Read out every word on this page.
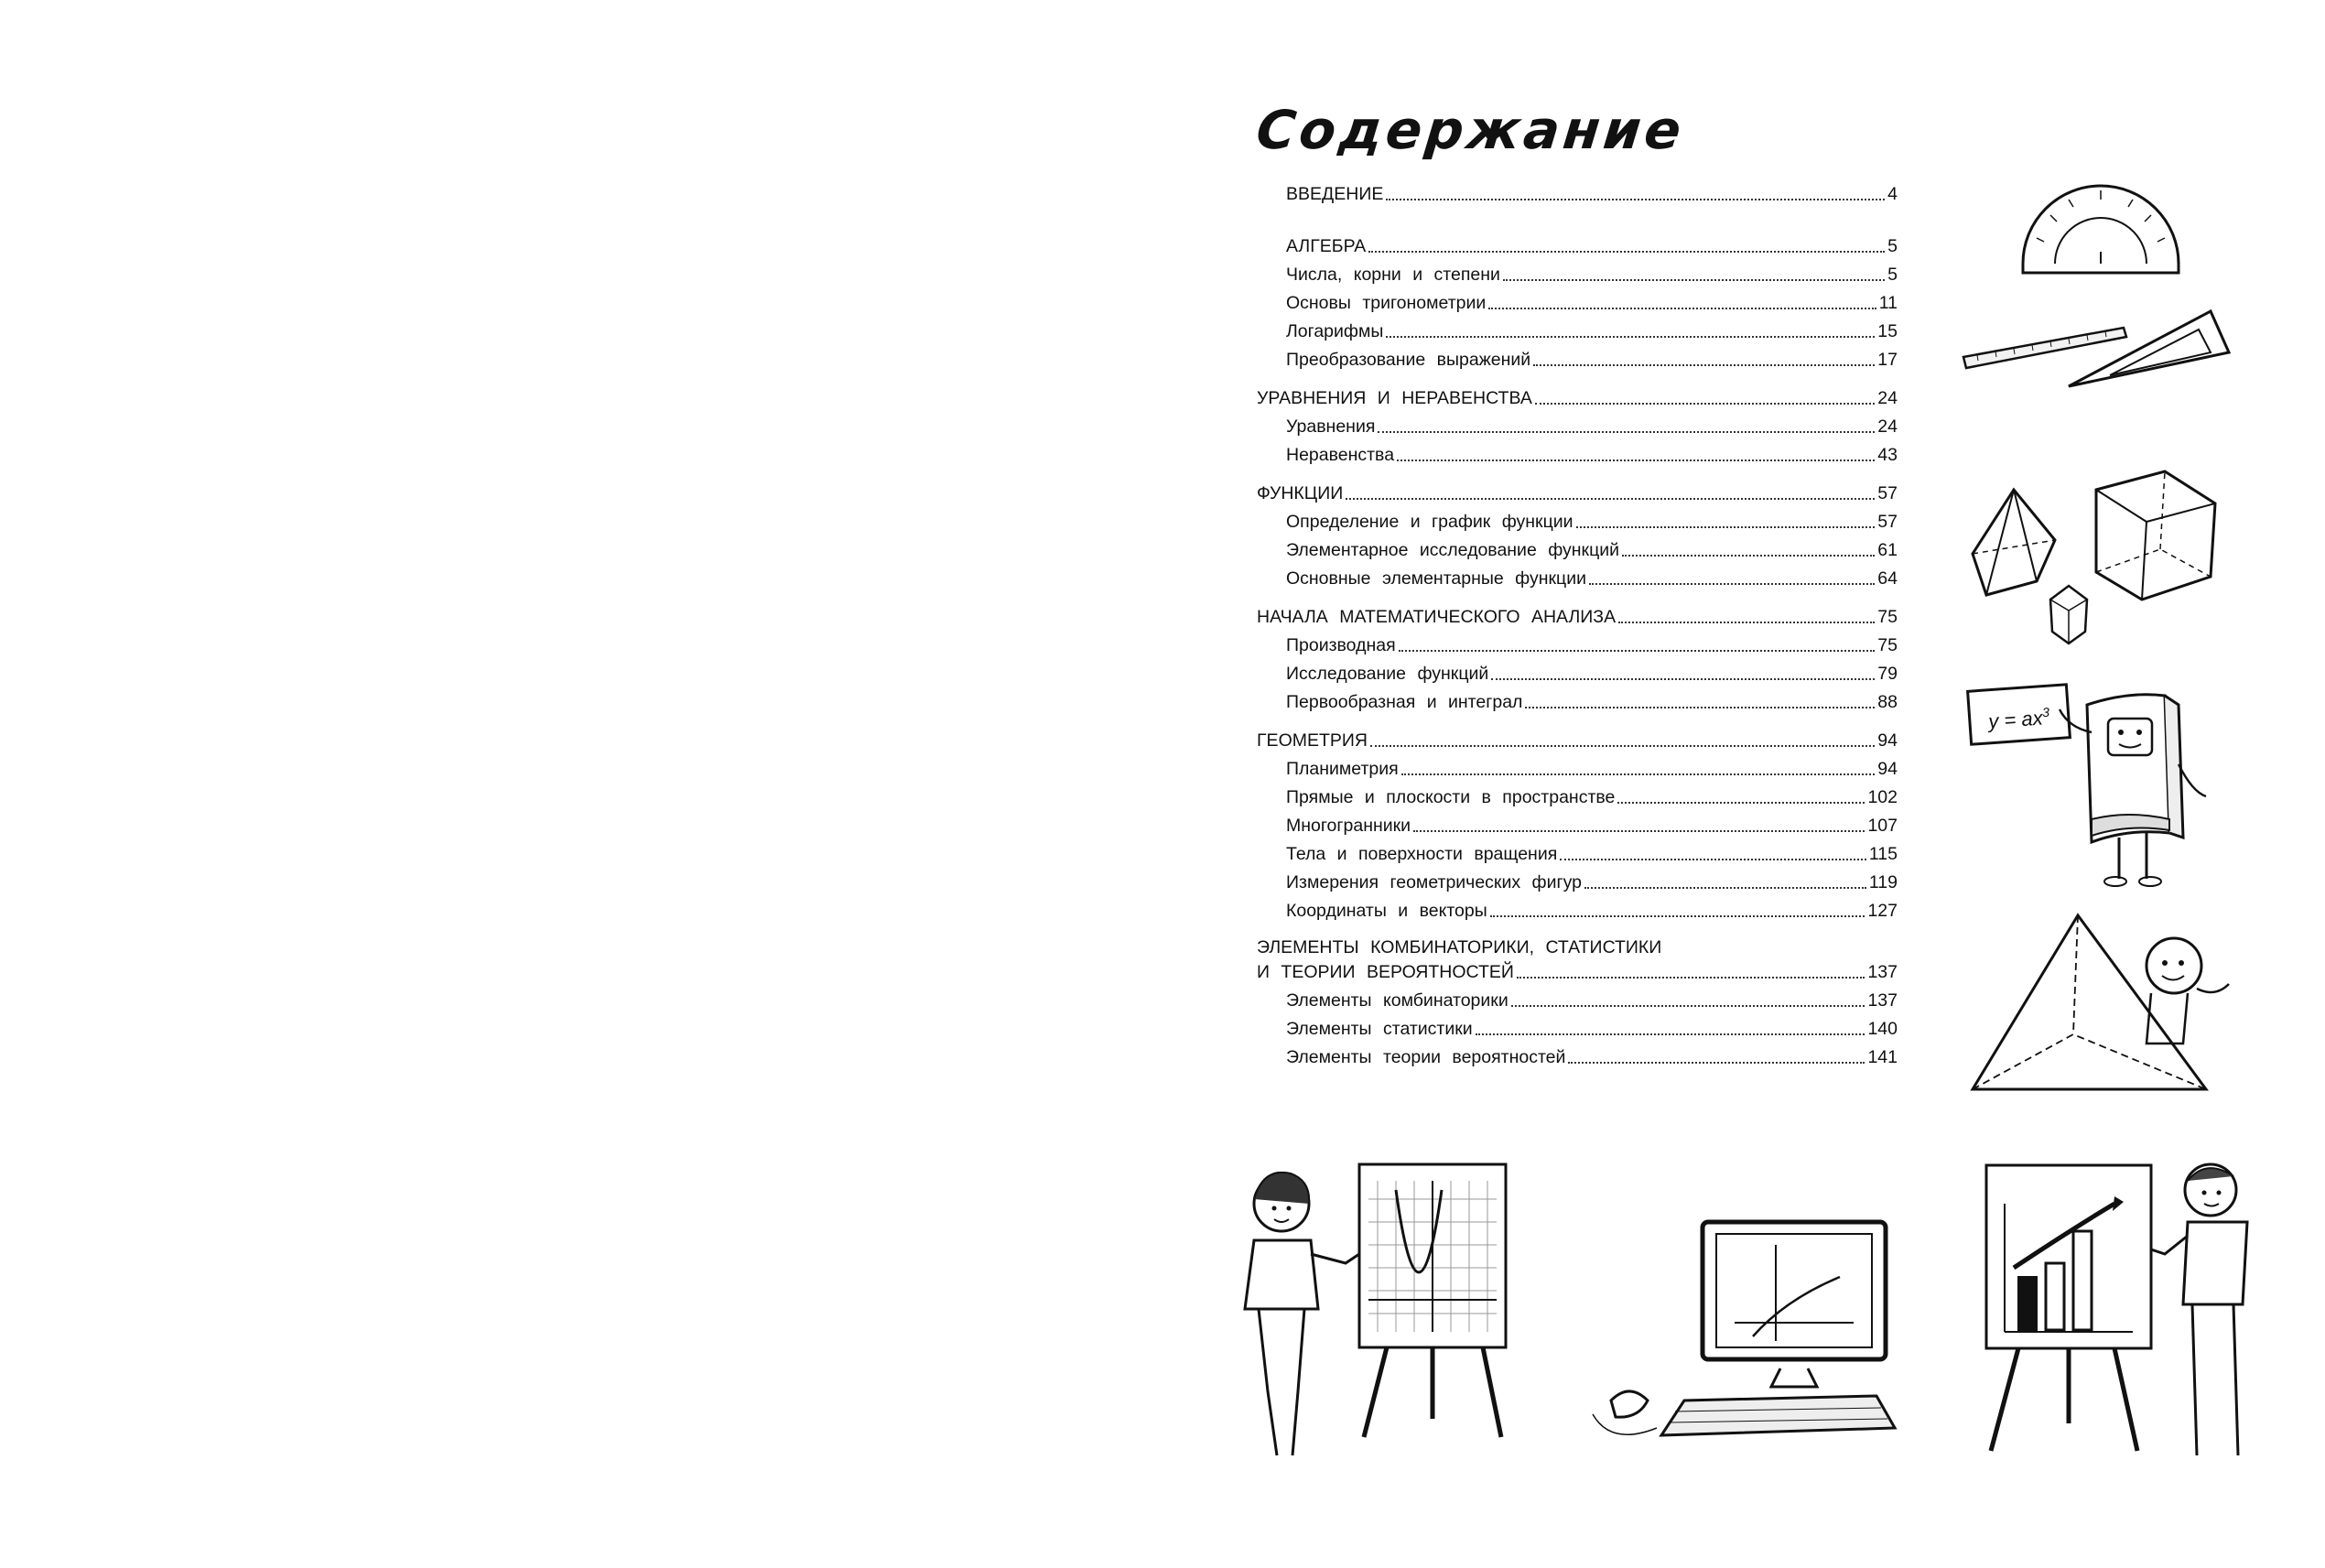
Содержание
ВВЕДЕНИЕ	4
АЛГЕБРА	5
Числа, корни и степени	5
Основы тригонометрии	11
Логарифмы	15
Преобразование выражений	17
УРАВНЕНИЯ И НЕРАВЕНСТВА	24
Уравнения	24
Неравенства	43
ФУНКЦИИ	57
Определение и график функции	57
Элементарное исследование функций	61
Основные элементарные функции	64
НАЧАЛА МАТЕМАТИЧЕСКОГО АНАЛИЗА	75
Производная	75
Исследование функций	79
Первообразная и интеграл	88
ГЕОМЕТРИЯ	94
Планиметрия	94
Прямые и плоскости в пространстве	102
Многогранники	107
Тела и поверхности вращения	115
Измерения геометрических фигур	119
Координаты и векторы	127
ЭЛЕМЕНТЫ КОМБИНАТОРИКИ, СТАТИСТИКИ
И ТЕОРИИ ВЕРОЯТНОСТЕЙ	137
Элементы комбинаторики	137
Элементы статистики	140
Элементы теории вероятностей	141
$y = ax^3$
